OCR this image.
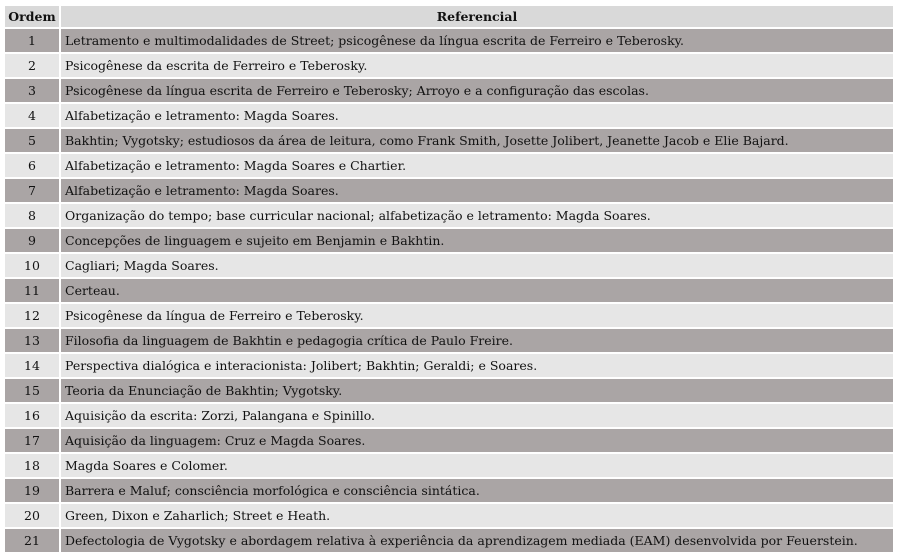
Ordem	Referencial
1	Letramento e multimodalidades de Street; psicogênese da língua escrita de Ferreiro e Teberosky.
2	Psicogênese da escrita de Ferreiro e Teberosky.
3	Psicogênese da língua escrita de Ferreiro e Teberosky; Arroyo e a configuração das escolas.
4	Alfabetização e letramento: Magda Soares.
5	Bakhtin; Vygotsky; estudiosos da área de leitura, como Frank Smith, Josette Jolibert, Jeanette Jacob e Elie Bajard.
6	Alfabetização e letramento: Magda Soares e Chartier.
7	Alfabetização e letramento: Magda Soares.
8	Organização do tempo; base curricular nacional; alfabetização e letramento: Magda Soares.
9	Concepções de linguagem e sujeito em Benjamin e Bakhtin.
10	Cagliari; Magda Soares.
11	Certeau.
12	Psicogênese da língua de Ferreiro e Teberosky.
13	Filosofia da linguagem de Bakhtin e pedagogia crítica de Paulo Freire.
14	Perspectiva dialógica e interacionista: Jolibert; Bakhtin; Geraldi; e Soares.
15	Teoria da Enunciação de Bakhtin; Vygotsky.
16	Aquisição da escrita: Zorzi, Palangana e Spinillo.
17	Aquisição da linguagem: Cruz e Magda Soares.
18	Magda Soares e Colomer.
19	Barrera e Maluf; consciência morfológica e consciência sintática.
20	Green, Dixon e Zaharlich; Street e Heath.
21	Defectologia de Vygotsky e abordagem relativa à experiência da aprendizagem mediada (EAM) desenvolvida por Feuerstein.
